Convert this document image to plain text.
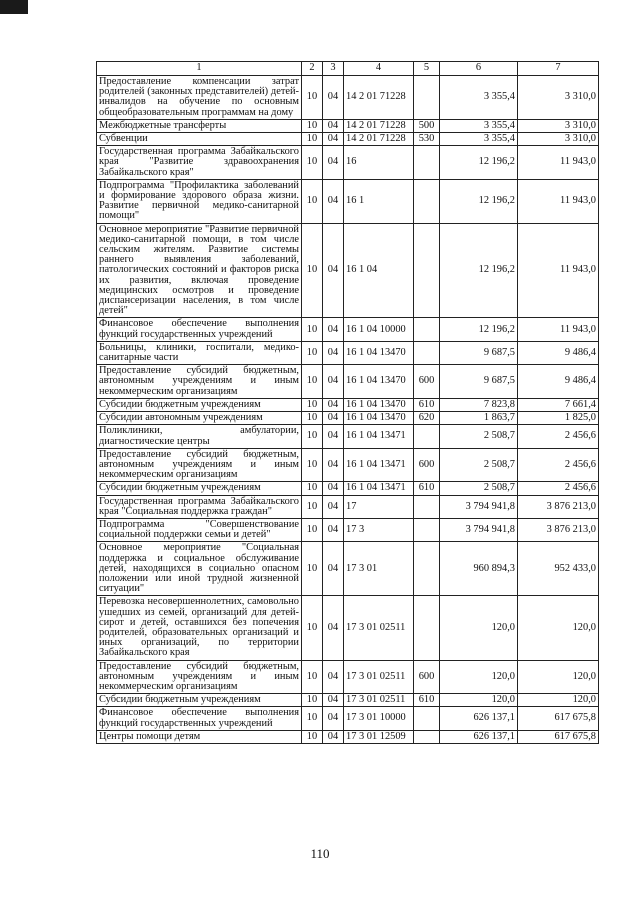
1	2	3	4	5	6	7
Предоставление компенсации затрат родителей (законных представителей) детей-инвалидов на обучение по основным общеобразовательным программам на дому	10	04	14 2 01 71228		3 355,4	3 310,0
Межбюджетные трансферты	10	04	14 2 01 71228	500	3 355,4	3 310,0
Субвенции	10	04	14 2 01 71228	530	3 355,4	3 310,0
Государственная программа Забайкальского края "Развитие здравоохранения Забайкальского края"	10	04	16		12 196,2	11 943,0
Подпрограмма "Профилактика заболеваний и формирование здорового образа жизни. Развитие первичной медико-санитарной помощи"	10	04	16 1		12 196,2	11 943,0
Основное мероприятие "Развитие первичной медико-санитарной помощи, в том числе сельским жителям. Развитие системы раннего выявления заболеваний, патологических состояний и факторов риска их развития, включая проведение медицинских осмотров и проведение диспансеризации населения, в том числе детей"	10	04	16 1 04		12 196,2	11 943,0
Финансовое обеспечение выполнения функций государственных учреждений	10	04	16 1 04 10000		12 196,2	11 943,0
Больницы, клиники, госпитали, медико-санитарные части	10	04	16 1 04 13470		9 687,5	9 486,4
Предоставление субсидий бюджетным, автономным учреждениям и иным некоммерческим организациям	10	04	16 1 04 13470	600	9 687,5	9 486,4
Субсидии бюджетным учреждениям	10	04	16 1 04 13470	610	7 823,8	7 661,4
Субсидии автономным учреждениям	10	04	16 1 04 13470	620	1 863,7	1 825,0
Поликлиники, амбулатории, диагностические центры	10	04	16 1 04 13471		2 508,7	2 456,6
Предоставление субсидий бюджетным, автономным учреждениям и иным некоммерческим организациям	10	04	16 1 04 13471	600	2 508,7	2 456,6
Субсидии бюджетным учреждениям	10	04	16 1 04 13471	610	2 508,7	2 456,6
Государственная программа Забайкальского края "Социальная поддержка граждан"	10	04	17		3 794 941,8	3 876 213,0
Подпрограмма "Совершенствование социальной поддержки семьи и детей"	10	04	17 3		3 794 941,8	3 876 213,0
Основное мероприятие "Социальная поддержка и социальное обслуживание детей, находящихся в социально опасном положении или иной трудной жизненной ситуации"	10	04	17 3 01		960 894,3	952 433,0
Перевозка несовершеннолетних, самовольно ушедших из семей, организаций для детей-сирот и детей, оставшихся без попечения родителей, образовательных организаций и иных организаций, по территории Забайкальского края	10	04	17 3 01 02511		120,0	120,0
Предоставление субсидий бюджетным, автономным учреждениям и иным некоммерческим организациям	10	04	17 3 01 02511	600	120,0	120,0
Субсидии бюджетным учреждениям	10	04	17 3 01 02511	610	120,0	120,0
Финансовое обеспечение выполнения функций государственных учреждений	10	04	17 3 01 10000		626 137,1	617 675,8
Центры помощи детям	10	04	17 3 01 12509		626 137,1	617 675,8
110
